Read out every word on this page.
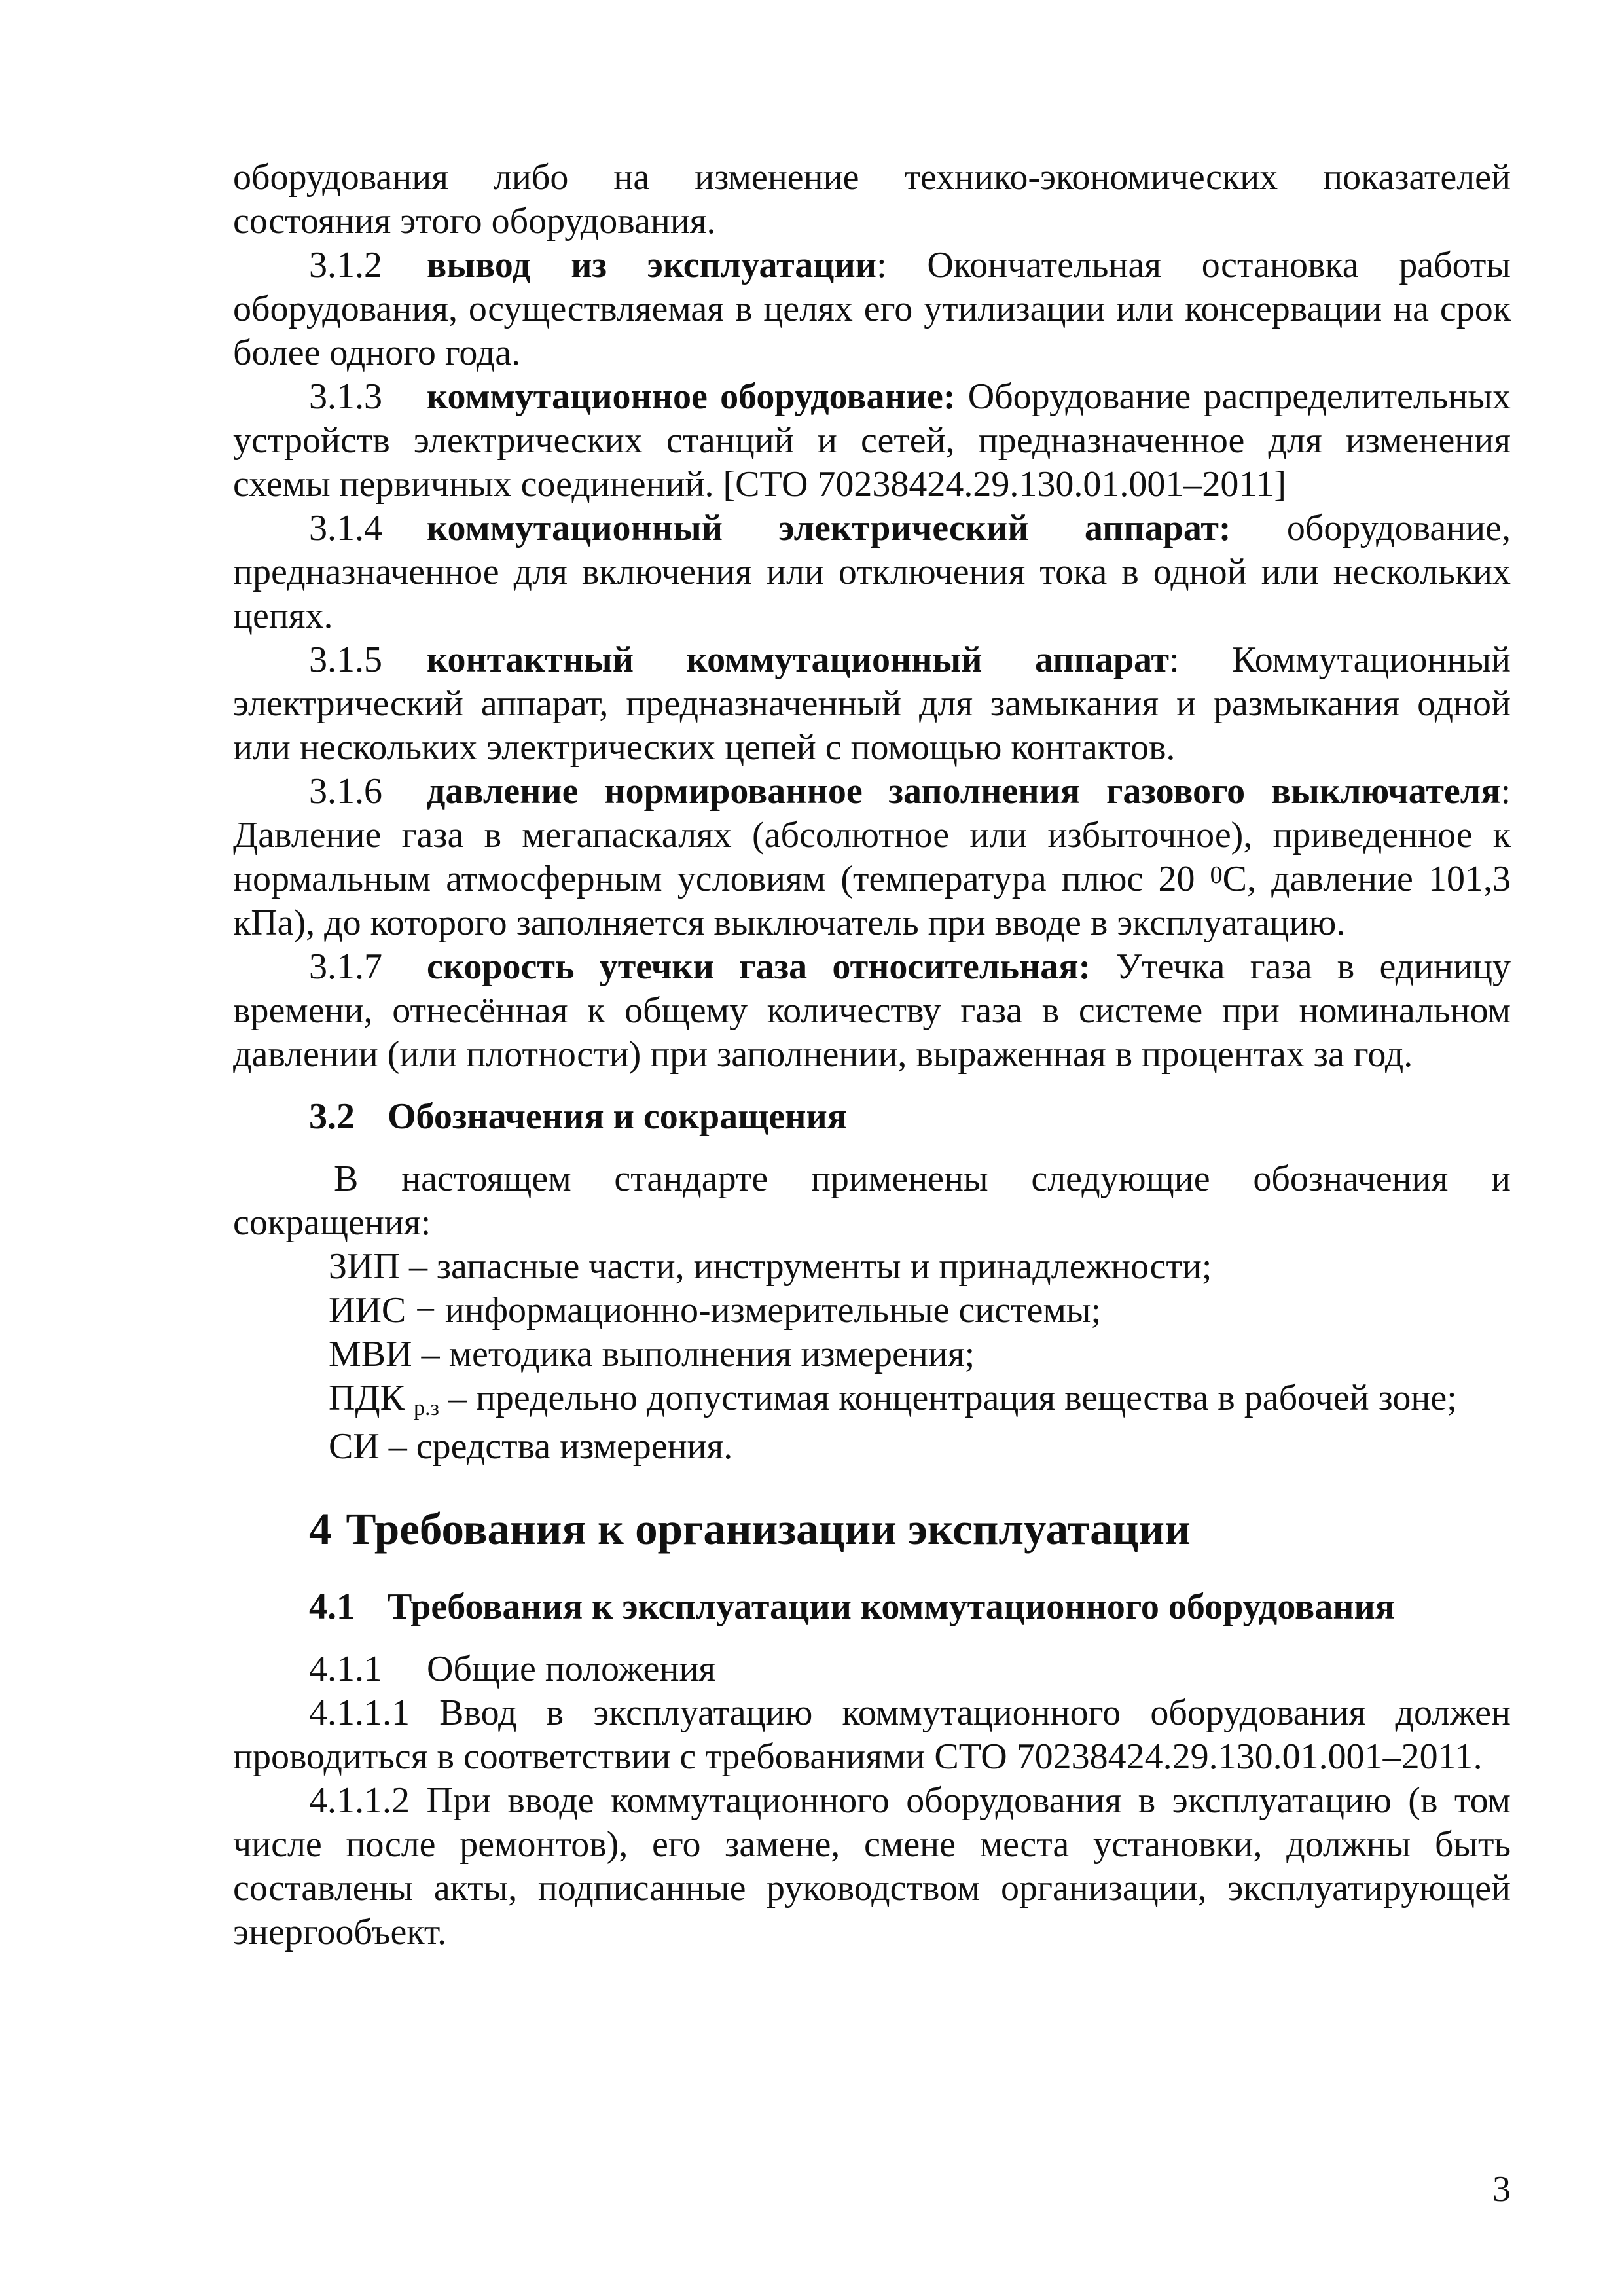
оборудования либо на изменение технико-экономических показателей

состояния этого оборудования.

3.1.2 вывод из эксплуатации: Окончательная остановка работы оборудования, осуществляемая в целях его утилизации или консервации на срок более одного года.

3.1.3 коммутационное оборудование: Оборудование распределительных устройств электрических станций и сетей, предназначенное для изменения схемы первичных соединений. [СТО 70238424.29.130.01.001–2011]

3.1.4 коммутационный электрический аппарат: оборудование, предназначенное для включения или отключения тока в одной или нескольких цепях.

3.1.5 контактный коммутационный аппарат: Коммутационный электрический аппарат, предназначенный для замыкания и размыкания одной или нескольких электрических цепей с помощью контактов.

3.1.6 давление нормированное заполнения газового выключателя: Давление газа в мегапаскалях (абсолютное или избыточное), приведенное к нормальным атмосферным условиям (температура плюс 20 $^0$С, давление 101,3 кПа), до которого заполняется выключатель при вводе в эксплуатацию.

3.1.7 скорость утечки газа относительная: Утечка газа в единицу времени, отнесённая к общему количеству газа в системе при номинальном давлении (или плотности) при заполнении, выраженная в процентах за год.

3.2 Обозначения и сокращения

В настоящем стандарте применены следующие обозначения и сокращения:

ЗИП – запасные части, инструменты и принадлежности;

ИИС − информационно-измерительные системы;

МВИ – методика выполнения измерения;

ПДК $_{р.з}$ – предельно допустимая концентрация вещества в рабочей зоне;

СИ – средства измерения.

4 Требования к организации эксплуатации
4.1 Требования к эксплуатации коммутационного оборудования

4.1.1 Общие положения

4.1.1.1 Ввод в эксплуатацию коммутационного оборудования должен проводиться в соответствии с требованиями СТО 70238424.29.130.01.001–2011.

4.1.1.2 При вводе коммутационного оборудования в эксплуатацию (в том числе после ремонтов), его замене, смене места установки, должны быть составлены акты, подписанные руководством организации, эксплуатирующей энергообъект.

3
